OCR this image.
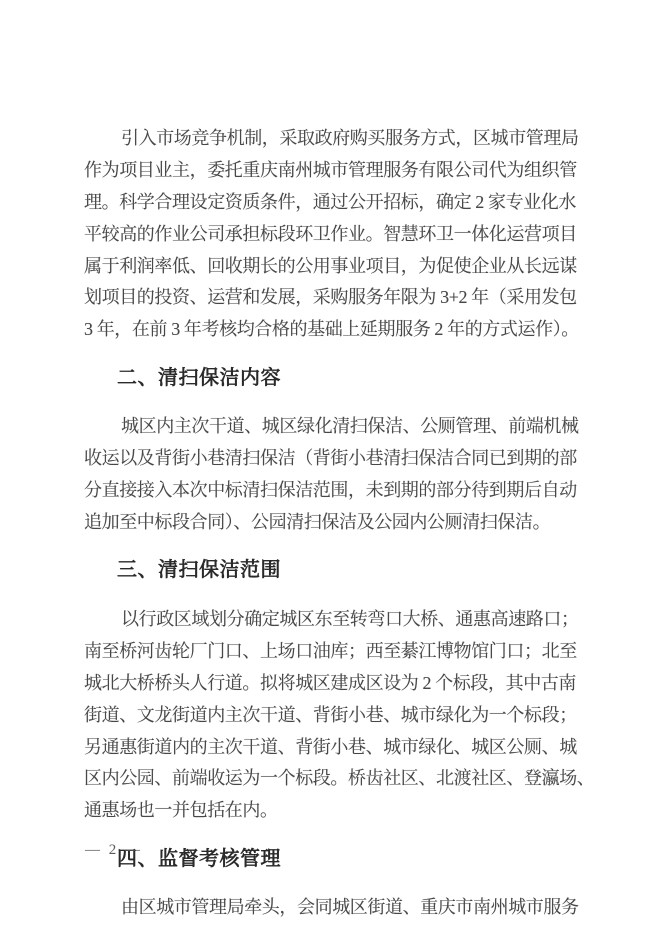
引入市场竞争机制，采取政府购买服务方式，区城市管理局
作为项目业主，委托重庆南州城市管理服务有限公司代为组织管
理。科学合理设定资质条件，通过公开招标，确定 2 家专业化水
平较高的作业公司承担标段环卫作业。智慧环卫一体化运营项目
属于利润率低、回收期长的公用事业项目，为促使企业从长远谋
划项目的投资、运营和发展，采购服务年限为 3+2 年（采用发包
3 年，在前 3 年考核均合格的基础上延期服务 2 年的方式运作）。
二、清扫保洁内容
城区内主次干道、城区绿化清扫保洁、公厕管理、前端机械
收运以及背街小巷清扫保洁（背街小巷清扫保洁合同已到期的部
分直接接入本次中标清扫保洁范围，未到期的部分待到期后自动
追加至中标段合同）、公园清扫保洁及公园内公厕清扫保洁。
三、清扫保洁范围
以行政区域划分确定城区东至转弯口大桥、通惠高速路口；
南至桥河齿轮厂门口、上场口油库；西至綦江博物馆门口；北至
城北大桥桥头人行道。拟将城区建成区设为 2 个标段，其中古南
街道、文龙街道内主次干道、背街小巷、城市绿化为一个标段；
另通惠街道内的主次干道、背街小巷、城市绿化、城区公厕、城
区内公园、前端收运为一个标段。桥齿社区、北渡社区、登瀛场、
通惠场也一并包括在内。
四、监督考核管理
由区城市管理局牵头，会同城区街道、重庆市南州城市服务
— 2 —
